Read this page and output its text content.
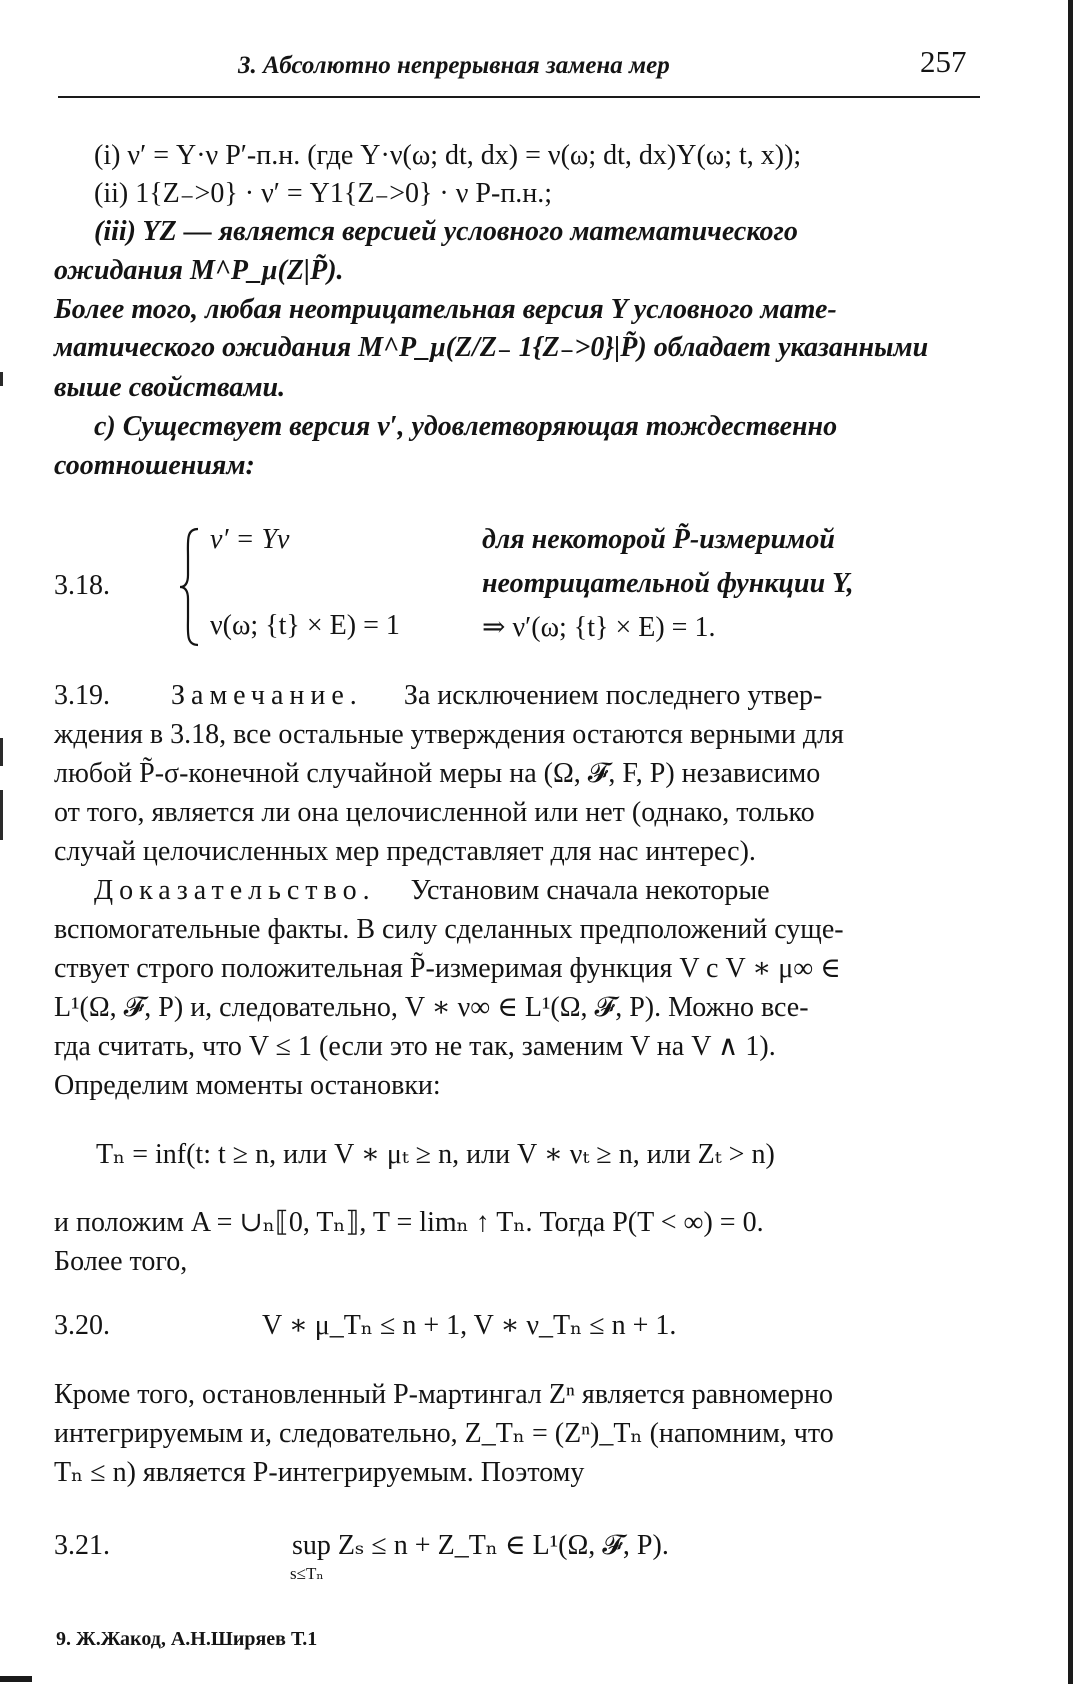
3. Абсолютно непрерывная замена мер	257
(i) ν′ = Y·ν P′-п.н. (где Y·ν(ω; dt, dx) = ν(ω; dt, dx)Y(ω; t, x));
(ii) 1{Z₋>0} · ν′ = Y1{Z₋>0} · ν P-п.н.;
(iii) YZ — является версией условного математического
ожидания M^P_μ(Z|P̃).
Более того, любая неотрицательная версия Y условного мате-
матического ожидания M^P_μ(Z/Z₋ 1{Z₋>0}|P̃) обладает указанными
выше свойствами.
c) Существует версия ν′, удовлетворяющая тождественно
соотношениям:
3.18.
ν′ = Yν	для некоторой P̃-измеримой
неотрицательной функции Y,
ν(ω; {t} × E) = 1	⇒ ν′(ω; {t} × E) = 1.
3.19. Замечание. За исключением последнего утвер-
ждения в 3.18, все остальные утверждения остаются верными для
любой P̃-σ-конечной случайной меры на (Ω, 𝓕, F, P) независимо
от того, является ли она целочисленной или нет (однако, только
случай целочисленных мер представляет для нас интерес).
Доказательство. Установим сначала некоторые
вспомогательные факты. В силу сделанных предположений суще-
ствует строго положительная P̃-измеримая функция V с V ∗ μ∞ ∈
L¹(Ω, 𝓕, P) и, следовательно, V ∗ ν∞ ∈ L¹(Ω, 𝓕, P). Можно все-
гда считать, что V ≤ 1 (если это не так, заменим V на V ∧ 1).
Определим моменты остановки:
Tₙ = inf(t: t ≥ n, или V ∗ μₜ ≥ n, или V ∗ νₜ ≥ n, или Zₜ > n)
и положим A = ∪ₙ⟦0, Tₙ⟧, T = limₙ ↑ Tₙ. Тогда P(T < ∞) = 0.
Более того,
3.20.	V ∗ μ_Tₙ ≤ n + 1, V ∗ ν_Tₙ ≤ n + 1.
Кроме того, остановленный P-мартингал Zⁿ является равномерно
интегрируемым и, следовательно, Z_Tₙ = (Zⁿ)_Tₙ (напомним, что
Tₙ ≤ n) является P-интегрируемым. Поэтому
3.21.	sup Zₛ ≤ n + Z_Tₙ ∈ L¹(Ω, 𝓕, P).
s≤Tₙ
9. Ж.Жакод, А.Н.Ширяев Т.1
